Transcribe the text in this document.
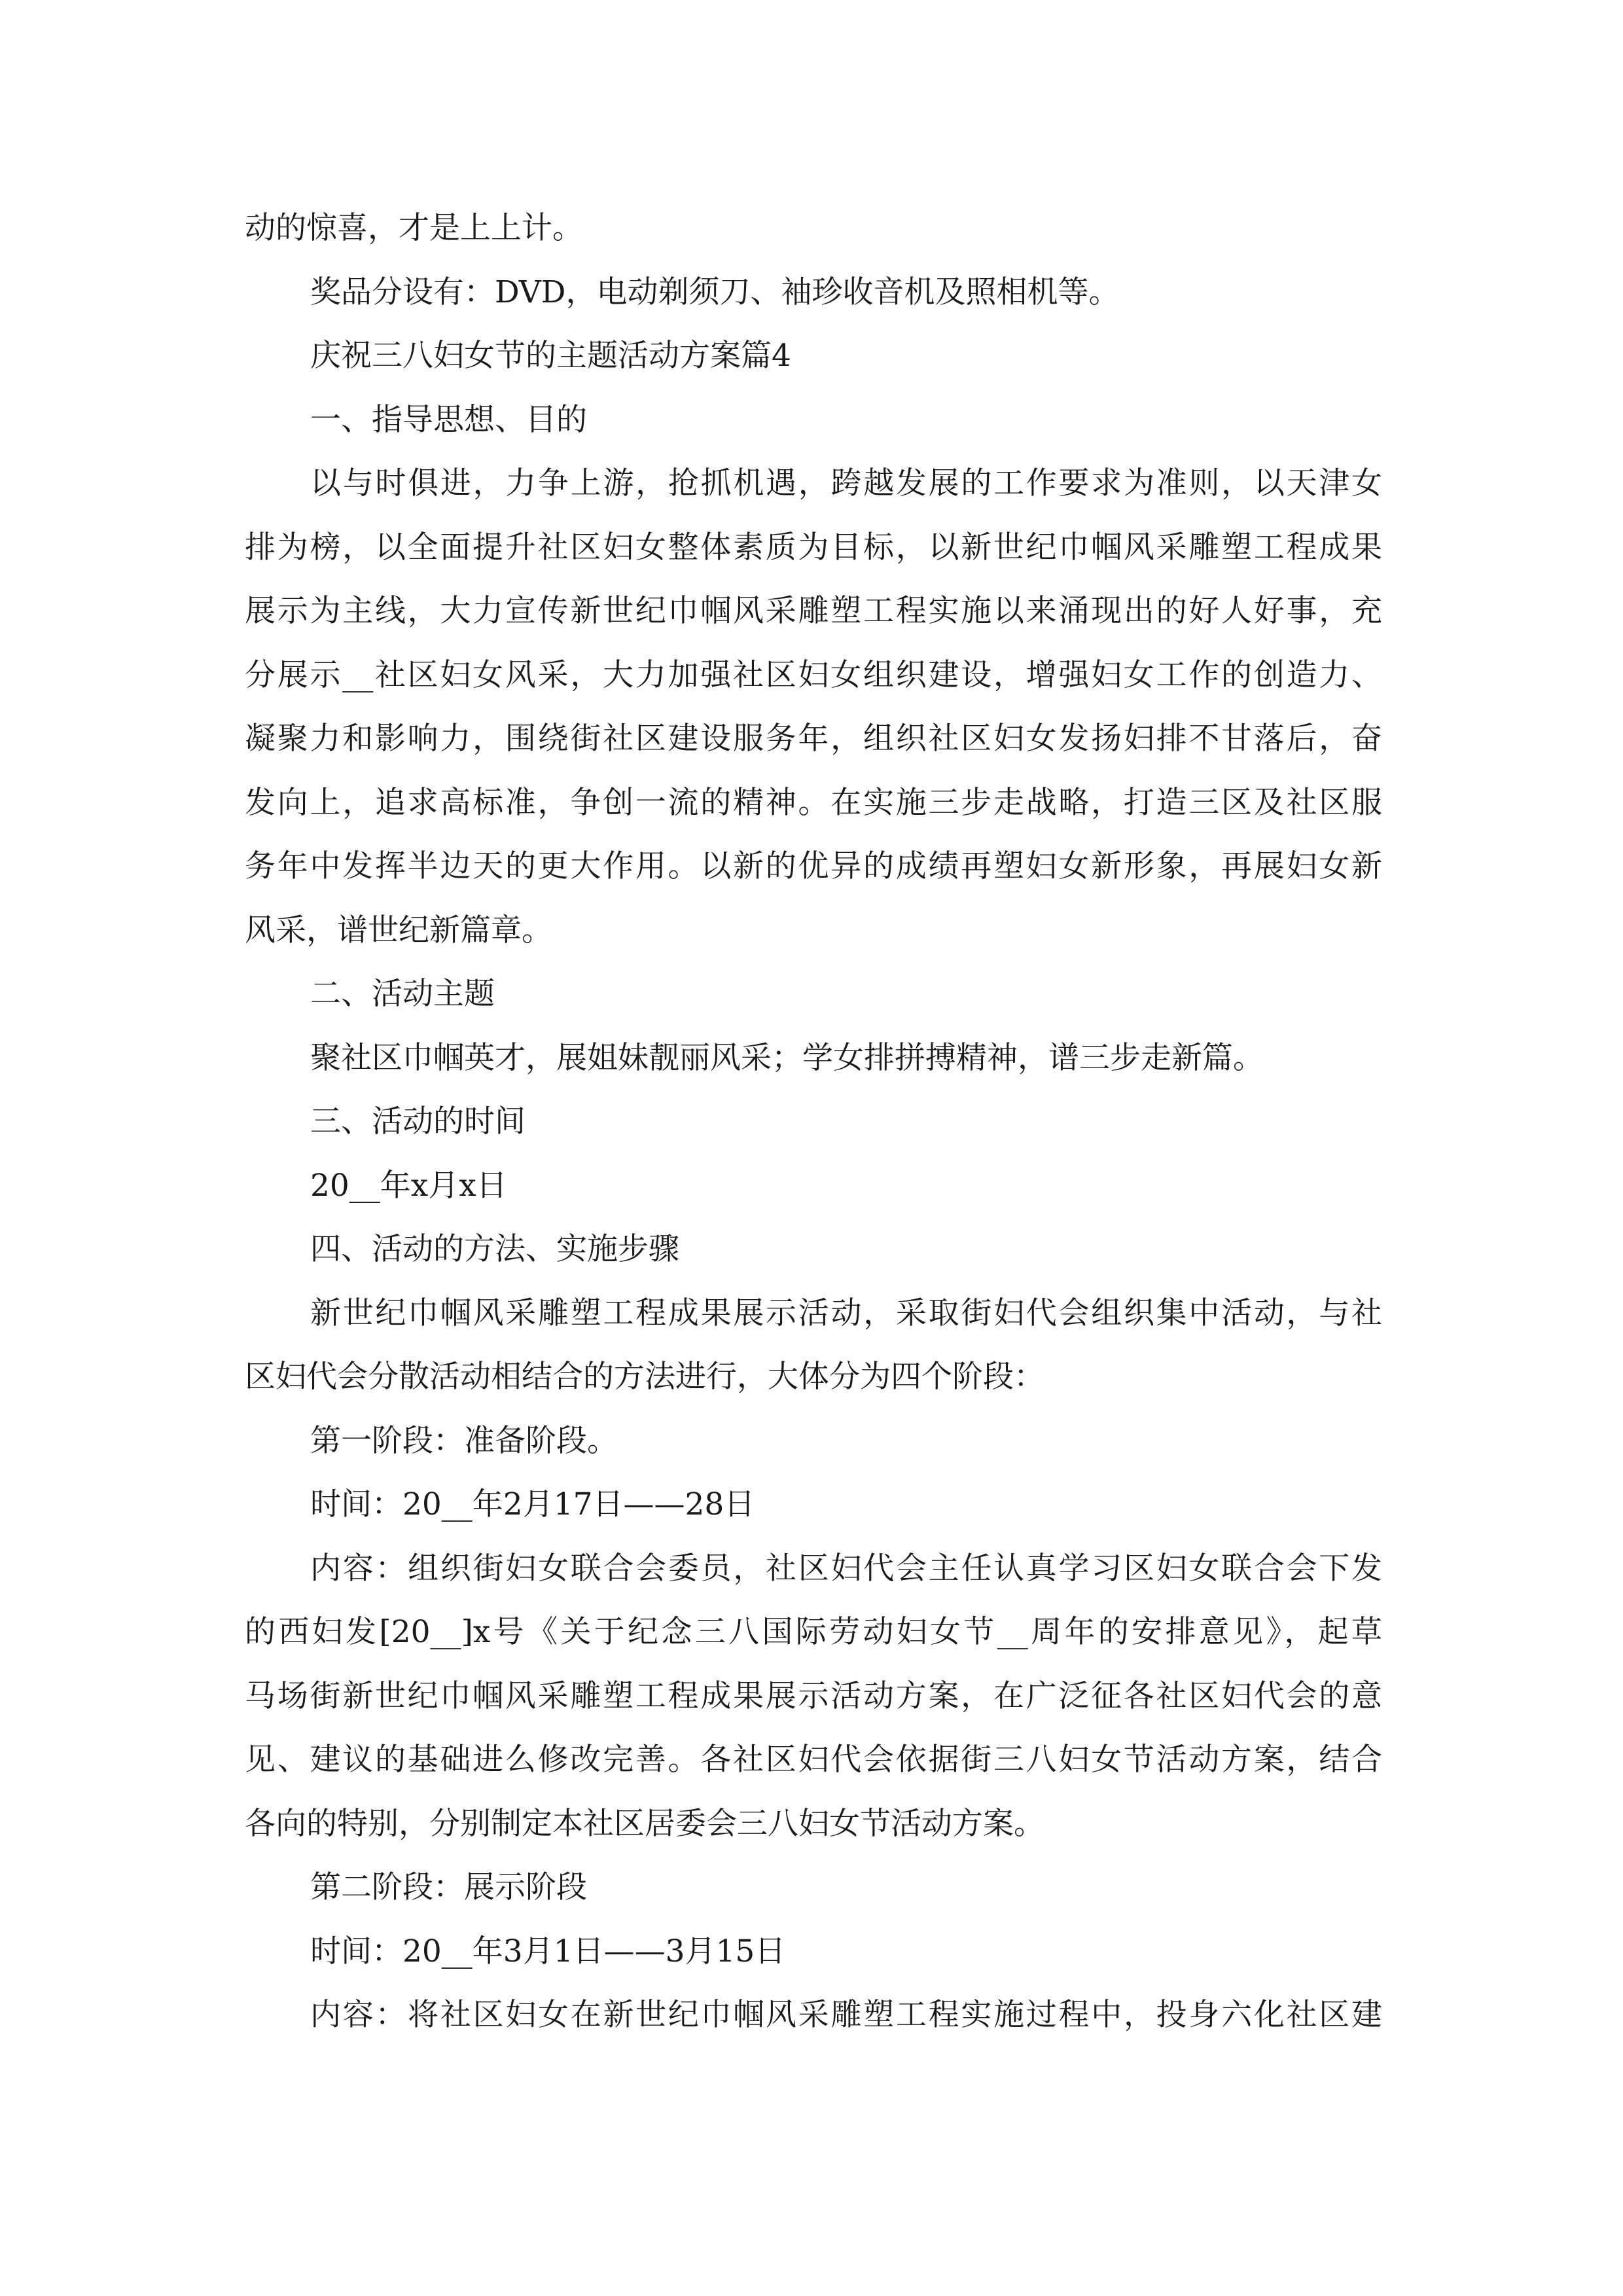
动的惊喜，才是上上计。
奖品分设有：DVD，电动剃须刀、袖珍收音机及照相机等。
庆祝三八妇女节的主题活动方案篇4
一、指导思想、目的
以与时俱进，力争上游，抢抓机遇，跨越发展的工作要求为准则，以天津女
排为榜，以全面提升社区妇女整体素质为目标，以新世纪巾帼风采雕塑工程成果
展示为主线，大力宣传新世纪巾帼风采雕塑工程实施以来涌现出的好人好事，充
分展示__社区妇女风采，大力加强社区妇女组织建设，增强妇女工作的创造力、
凝聚力和影响力，围绕街社区建设服务年，组织社区妇女发扬妇排不甘落后，奋
发向上，追求高标准，争创一流的精神。在实施三步走战略，打造三区及社区服
务年中发挥半边天的更大作用。以新的优异的成绩再塑妇女新形象，再展妇女新
风采，谱世纪新篇章。
二、活动主题
聚社区巾帼英才，展姐妹靓丽风采；学女排拼搏精神，谱三步走新篇。
三、活动的时间
20__年x月x日
四、活动的方法、实施步骤
新世纪巾帼风采雕塑工程成果展示活动，采取街妇代会组织集中活动，与社
区妇代会分散活动相结合的方法进行，大体分为四个阶段：
第一阶段：准备阶段。
时间：20__年2月17日——28日
内容：组织街妇女联合会委员，社区妇代会主任认真学习区妇女联合会下发
的西妇发[20__]x号《关于纪念三八国际劳动妇女节__周年的安排意见》，起草
马场街新世纪巾帼风采雕塑工程成果展示活动方案，在广泛征各社区妇代会的意
见、建议的基础进么修改完善。各社区妇代会依据街三八妇女节活动方案，结合
各向的特别，分别制定本社区居委会三八妇女节活动方案。
第二阶段：展示阶段
时间：20__年3月1日——3月15日
内容：将社区妇女在新世纪巾帼风采雕塑工程实施过程中，投身六化社区建
